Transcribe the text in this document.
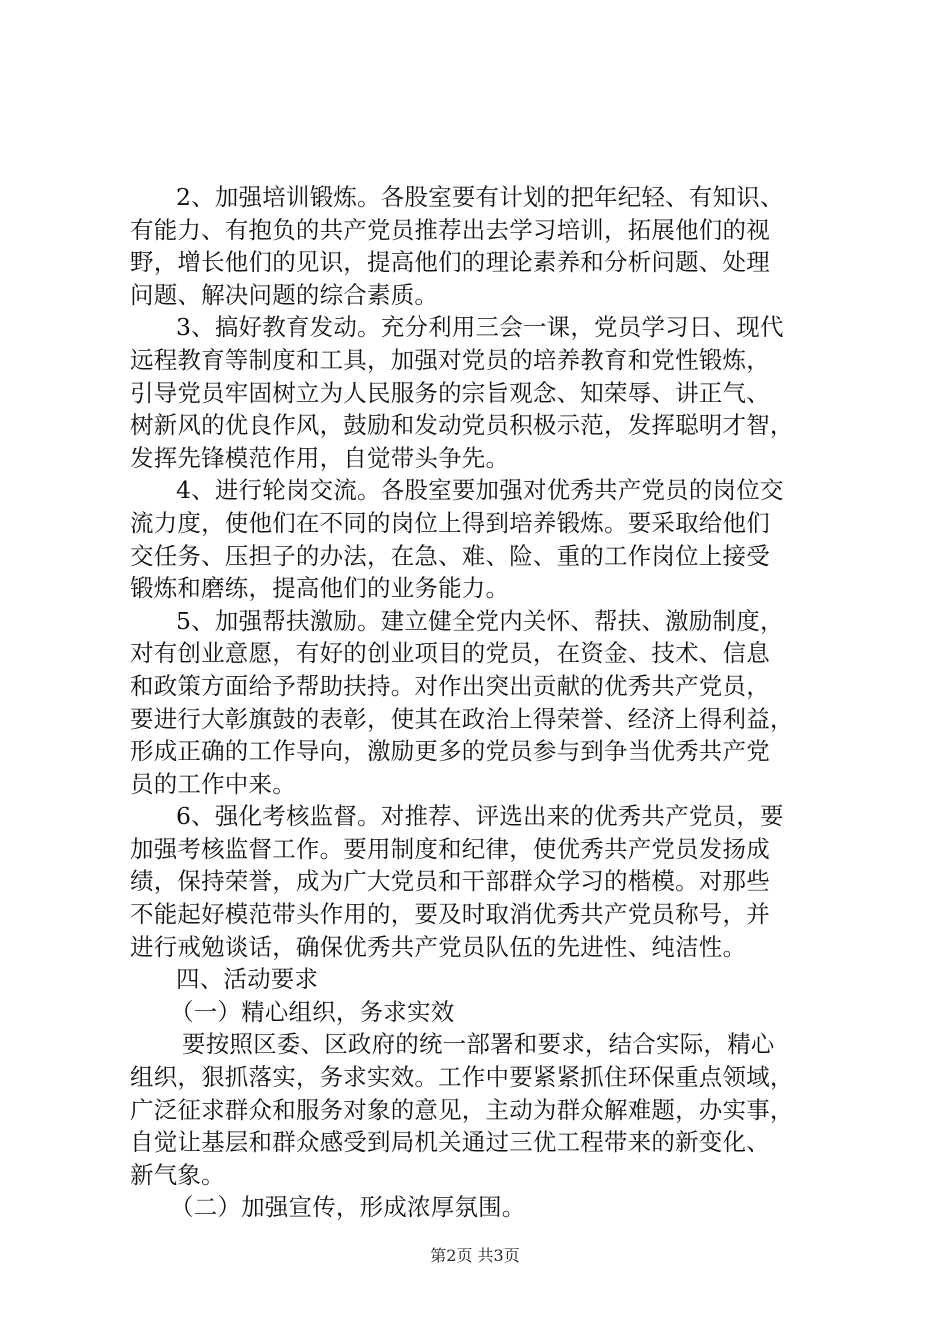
2、加强培训锻炼。各股室要有计划的把年纪轻、有知识、
有能力、有抱负的共产党员推荐出去学习培训，拓展他们的视
野，增长他们的见识，提高他们的理论素养和分析问题、处理
问题、解决问题的综合素质。
3、搞好教育发动。充分利用三会一课，党员学习日、现代
远程教育等制度和工具，加强对党员的培养教育和党性锻炼，
引导党员牢固树立为人民服务的宗旨观念、知荣辱、讲正气、
树新风的优良作风，鼓励和发动党员积极示范，发挥聪明才智，
发挥先锋模范作用，自觉带头争先。
4、进行轮岗交流。各股室要加强对优秀共产党员的岗位交
流力度，使他们在不同的岗位上得到培养锻炼。要采取给他们
交任务、压担子的办法，在急、难、险、重的工作岗位上接受
锻炼和磨练，提高他们的业务能力。
5、加强帮扶激励。建立健全党内关怀、帮扶、激励制度，
对有创业意愿，有好的创业项目的党员，在资金、技术、信息
和政策方面给予帮助扶持。对作出突出贡献的优秀共产党员，
要进行大彰旗鼓的表彰，使其在政治上得荣誉、经济上得利益，
形成正确的工作导向，激励更多的党员参与到争当优秀共产党
员的工作中来。
6、强化考核监督。对推荐、评选出来的优秀共产党员，要
加强考核监督工作。要用制度和纪律，使优秀共产党员发扬成
绩，保持荣誉，成为广大党员和干部群众学习的楷模。对那些
不能起好模范带头作用的，要及时取消优秀共产党员称号，并
进行戒勉谈话，确保优秀共产党员队伍的先进性、纯洁性。
四、活动要求
（一）精心组织，务求实效
要按照区委、区政府的统一部署和要求，结合实际，精心
组织，狠抓落实，务求实效。工作中要紧紧抓住环保重点领域，
广泛征求群众和服务对象的意见，主动为群众解难题，办实事，
自觉让基层和群众感受到局机关通过三优工程带来的新变化、
新气象。
（二）加强宣传，形成浓厚氛围。
第2页 共3页
